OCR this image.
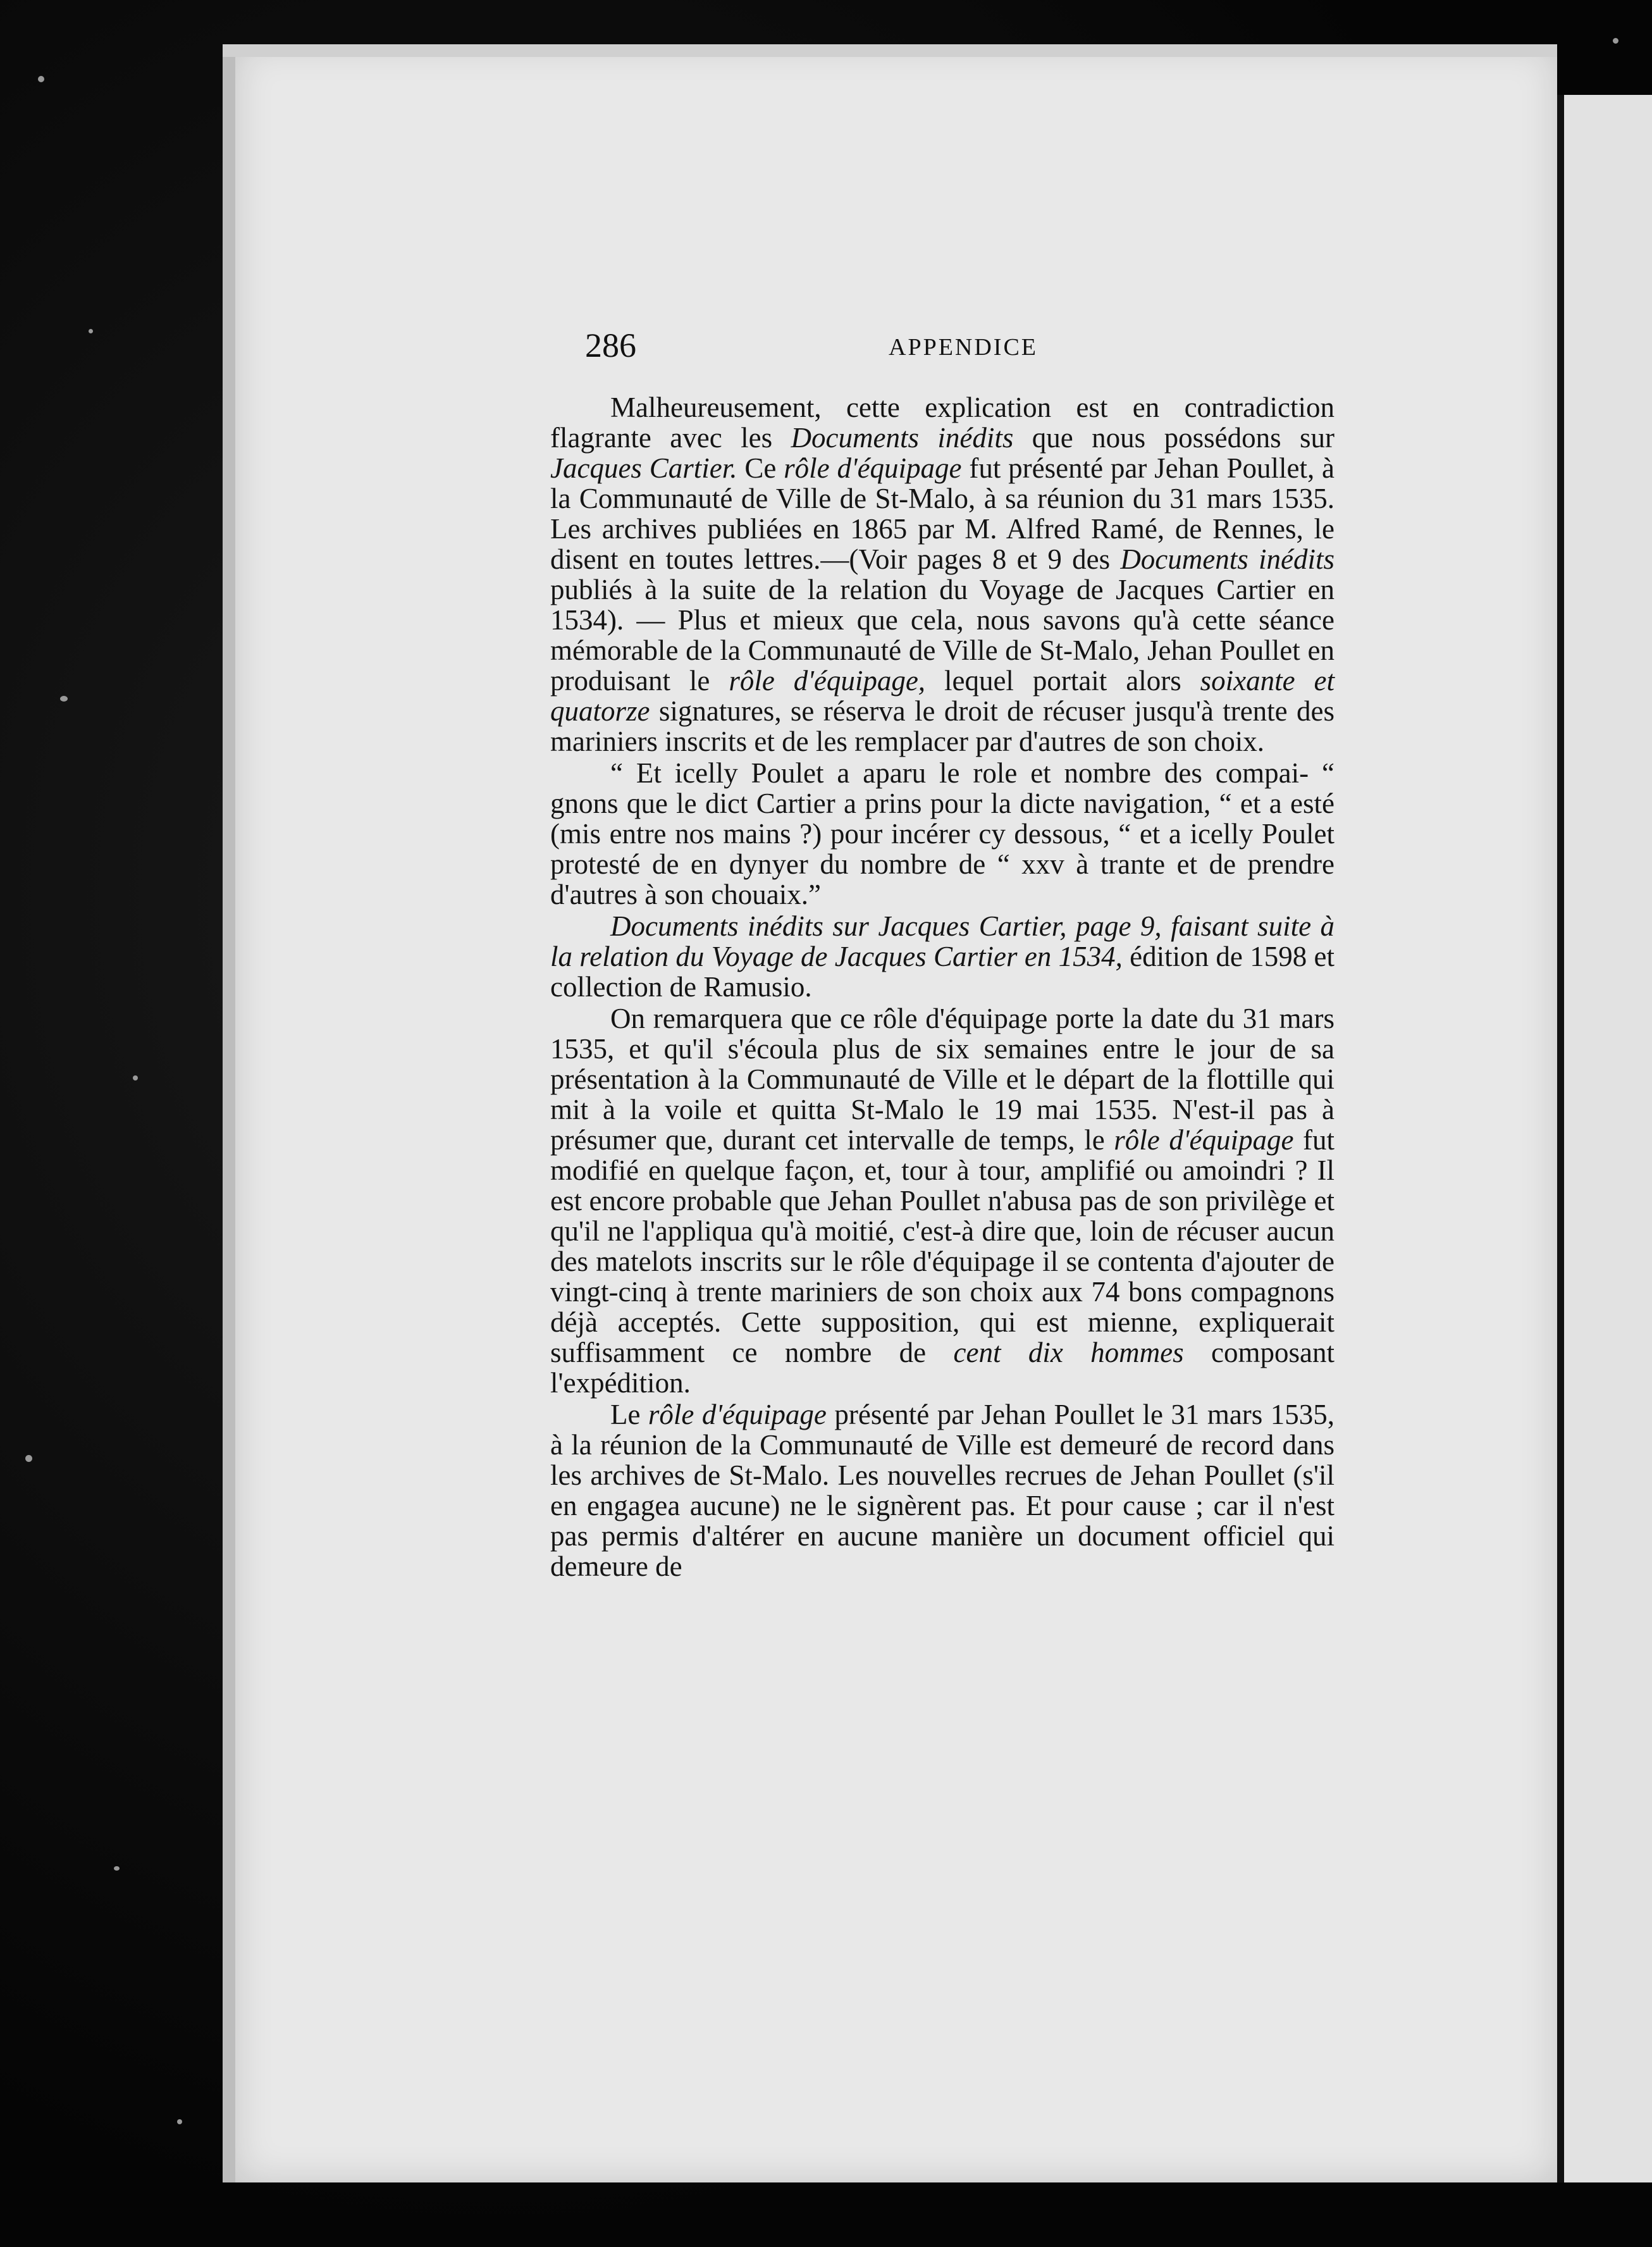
286	APPENDICE

Malheureusement, cette explication est en contradiction flagrante avec les Documents inédits que nous possédons sur Jacques Cartier. Ce rôle d'équipage fut présenté par Jehan Poullet, à la Communauté de Ville de St-Malo, à sa réunion du 31 mars 1535. Les archives publiées en 1865 par M. Alfred Ramé, de Rennes, le disent en toutes lettres.—(Voir pages 8 et 9 des Documents inédits publiés à la suite de la relation du Voyage de Jacques Cartier en 1534). — Plus et mieux que cela, nous savons qu'à cette séance mémorable de la Communauté de Ville de St-Malo, Jehan Poullet en produisant le rôle d'équipage, lequel portait alors soixante et quatorze signatures, se réserva le droit de récuser jusqu'à trente des mariniers inscrits et de les remplacer par d'autres de son choix.

“ Et icelly Poulet a aparu le role et nombre des compai- “ gnons que le dict Cartier a prins pour la dicte navigation, “ et a esté (mis entre nos mains ?) pour incérer cy dessous, “ et a icelly Poulet protesté de en dynyer du nombre de “ xxv à trante et de prendre d'autres à son chouaix.”

Documents inédits sur Jacques Cartier, page 9, faisant suite à la relation du Voyage de Jacques Cartier en 1534, édition de 1598 et collection de Ramusio.

On remarquera que ce rôle d'équipage porte la date du 31 mars 1535, et qu'il s'écoula plus de six semaines entre le jour de sa présentation à la Communauté de Ville et le départ de la flottille qui mit à la voile et quitta St-Malo le 19 mai 1535. N'est-il pas à présumer que, durant cet intervalle de temps, le rôle d'équipage fut modifié en quelque façon, et, tour à tour, amplifié ou amoindri ? Il est encore probable que Jehan Poullet n'abusa pas de son privilège et qu'il ne l'appliqua qu'à moitié, c'est-à dire que, loin de récuser aucun des matelots inscrits sur le rôle d'équipage il se contenta d'ajouter de vingt-cinq à trente mariniers de son choix aux 74 bons compagnons déjà acceptés. Cette supposition, qui est mienne, expliquerait suffisamment ce nombre de cent dix hommes composant l'expédition.

Le rôle d'équipage présenté par Jehan Poullet le 31 mars 1535, à la réunion de la Communauté de Ville est demeuré de record dans les archives de St-Malo. Les nouvelles recrues de Jehan Poullet (s'il en engagea aucune) ne le signèrent pas. Et pour cause ; car il n'est pas permis d'altérer en aucune manière un document officiel qui demeure de
